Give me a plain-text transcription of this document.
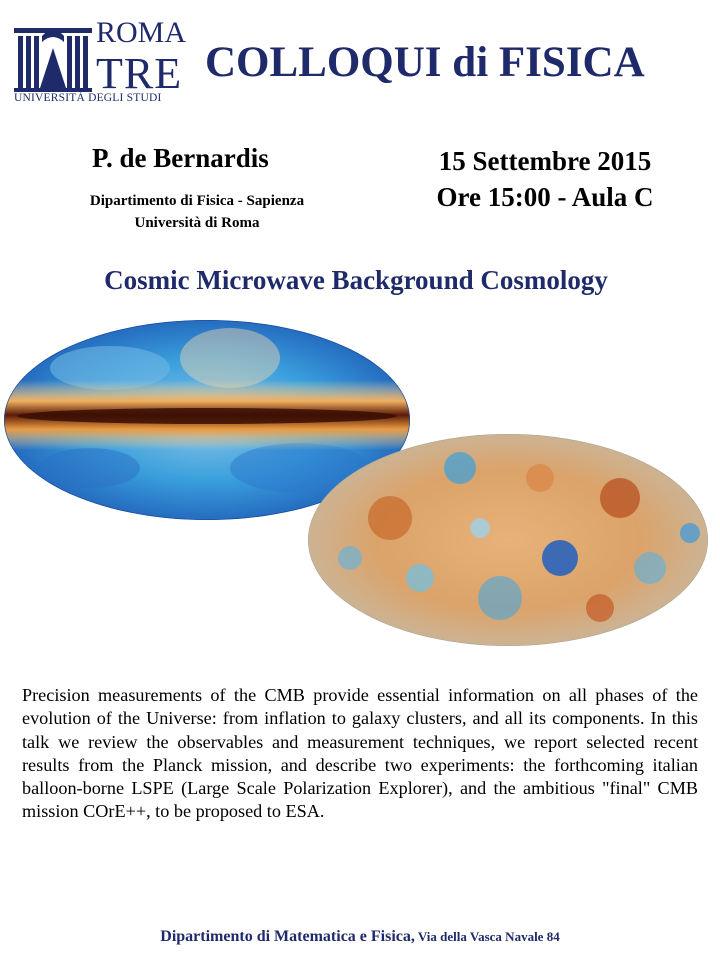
ROMA
TRE
UNIVERSITÀ DEGLI STUDI
COLLOQUI di FISICA
P. de Bernardis
Dipartimento di Fisica - Sapienza
Università di Roma
15 Settembre 2015
Ore 15:00 - Aula C
Cosmic Microwave Background Cosmology
Precision measurements of the CMB provide essential information on all phases of the evolution of the Universe: from inflation to galaxy clusters, and all its components. In this talk we review the observables and measurement techniques, we report selected recent results from the Planck mission, and describe two experiments: the forthcoming italian balloon-borne LSPE (Large Scale Polarization Explorer), and the ambitious "final" CMB mission COrE++, to be proposed to ESA.
Dipartimento di Matematica e Fisica, Via della Vasca Navale 84
